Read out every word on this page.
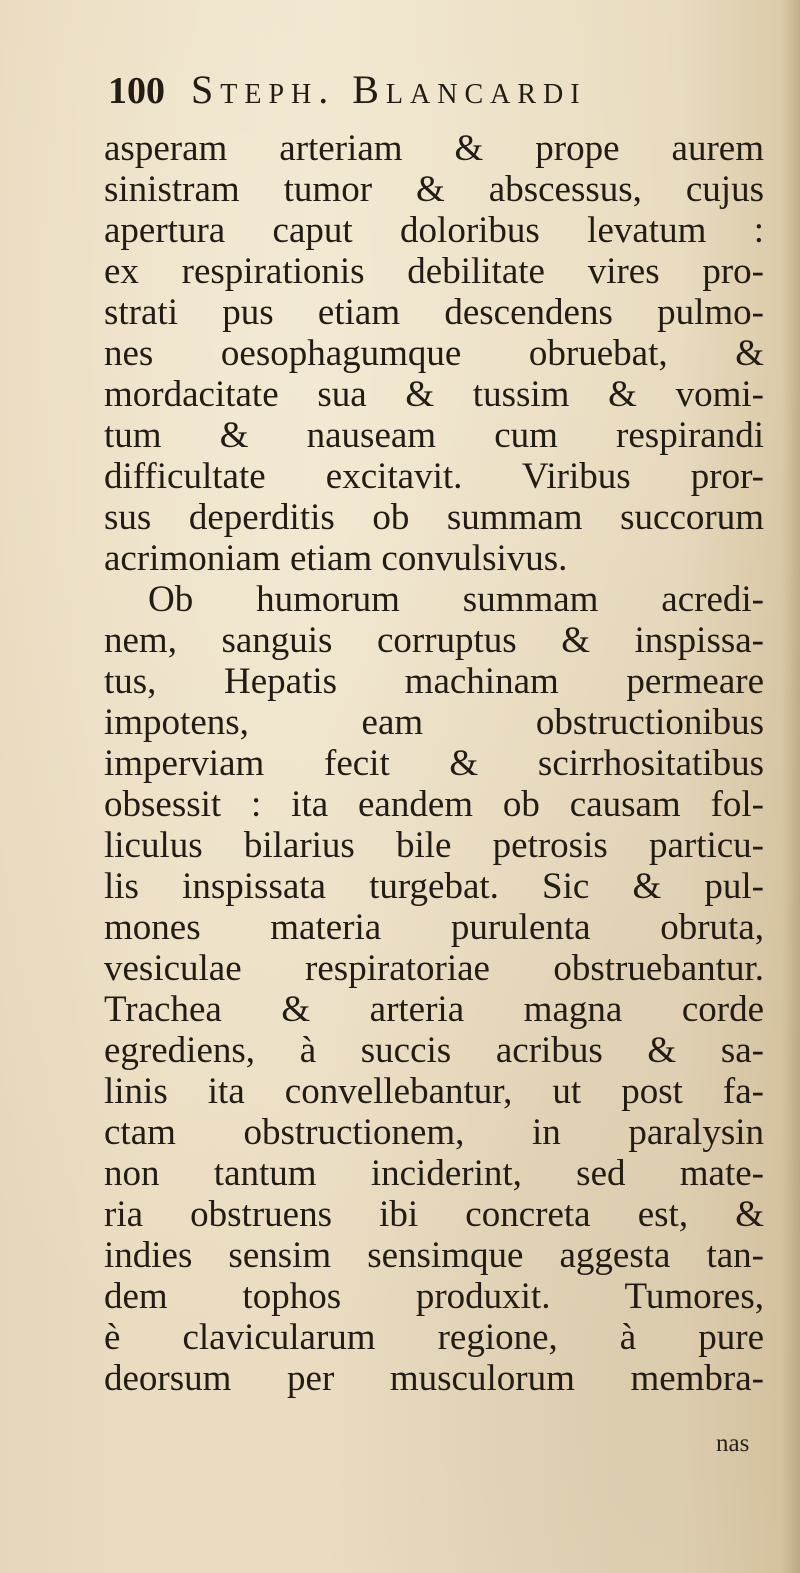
100 Steph. Blancardi
asperam arteriam & prope aurem
sinistram tumor & abscessus, cujus
apertura caput doloribus levatum :
ex respirationis debilitate vires pro-
strati pus etiam descendens pulmo-
nes oesophagumque obruebat, &
mordacitate sua & tussim & vomi-
tum & nauseam cum respirandi
difficultate excitavit. Viribus pror-
sus deperditis ob summam succorum
acrimoniam etiam convulsivus.
Ob humorum summam acredi-
nem, sanguis corruptus & inspissa-
tus, Hepatis machinam permeare
impotens, eam obstructionibus
imperviam fecit & scirrhositatibus
obsessit : ita eandem ob causam fol-
liculus bilarius bile petrosis particu-
lis inspissata turgebat. Sic & pul-
mones materia purulenta obruta,
vesiculae respiratoriae obstruebantur.
Trachea & arteria magna corde
egrediens, à succis acribus & sa-
linis ita convellebantur, ut post fa-
ctam obstructionem, in paralysin
non tantum inciderint, sed mate-
ria obstruens ibi concreta est, &
indies sensim sensimque aggesta tan-
dem tophos produxit. Tumores,
è clavicularum regione, à pure
deorsum per musculorum membra-
nas
